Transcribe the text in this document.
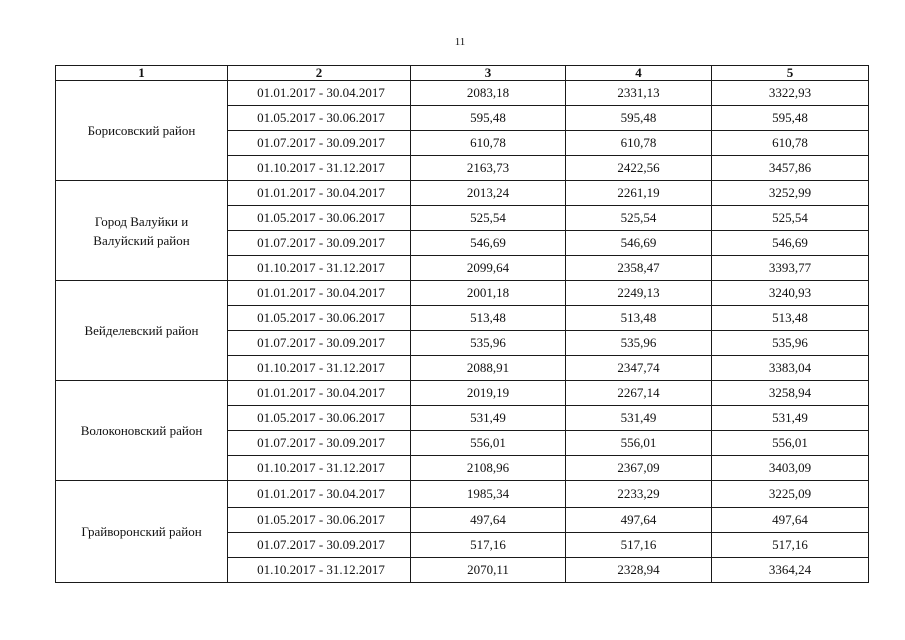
11
1	2	3	4	5
Борисовский район	01.01.2017 - 30.04.2017	2083,18	2331,13	3322,93
	01.05.2017 - 30.06.2017	595,48	595,48	595,48
	01.07.2017 - 30.09.2017	610,78	610,78	610,78
	01.10.2017 - 31.12.2017	2163,73	2422,56	3457,86
Город Валуйки и Валуйский район	01.01.2017 - 30.04.2017	2013,24	2261,19	3252,99
	01.05.2017 - 30.06.2017	525,54	525,54	525,54
	01.07.2017 - 30.09.2017	546,69	546,69	546,69
	01.10.2017 - 31.12.2017	2099,64	2358,47	3393,77
Вейделевский район	01.01.2017 - 30.04.2017	2001,18	2249,13	3240,93
	01.05.2017 - 30.06.2017	513,48	513,48	513,48
	01.07.2017 - 30.09.2017	535,96	535,96	535,96
	01.10.2017 - 31.12.2017	2088,91	2347,74	3383,04
Волоконовский район	01.01.2017 - 30.04.2017	2019,19	2267,14	3258,94
	01.05.2017 - 30.06.2017	531,49	531,49	531,49
	01.07.2017 - 30.09.2017	556,01	556,01	556,01
	01.10.2017 - 31.12.2017	2108,96	2367,09	3403,09
Грайворонский район	01.01.2017 - 30.04.2017	1985,34	2233,29	3225,09
	01.05.2017 - 30.06.2017	497,64	497,64	497,64
	01.07.2017 - 30.09.2017	517,16	517,16	517,16
	01.10.2017 - 31.12.2017	2070,11	2328,94	3364,24
